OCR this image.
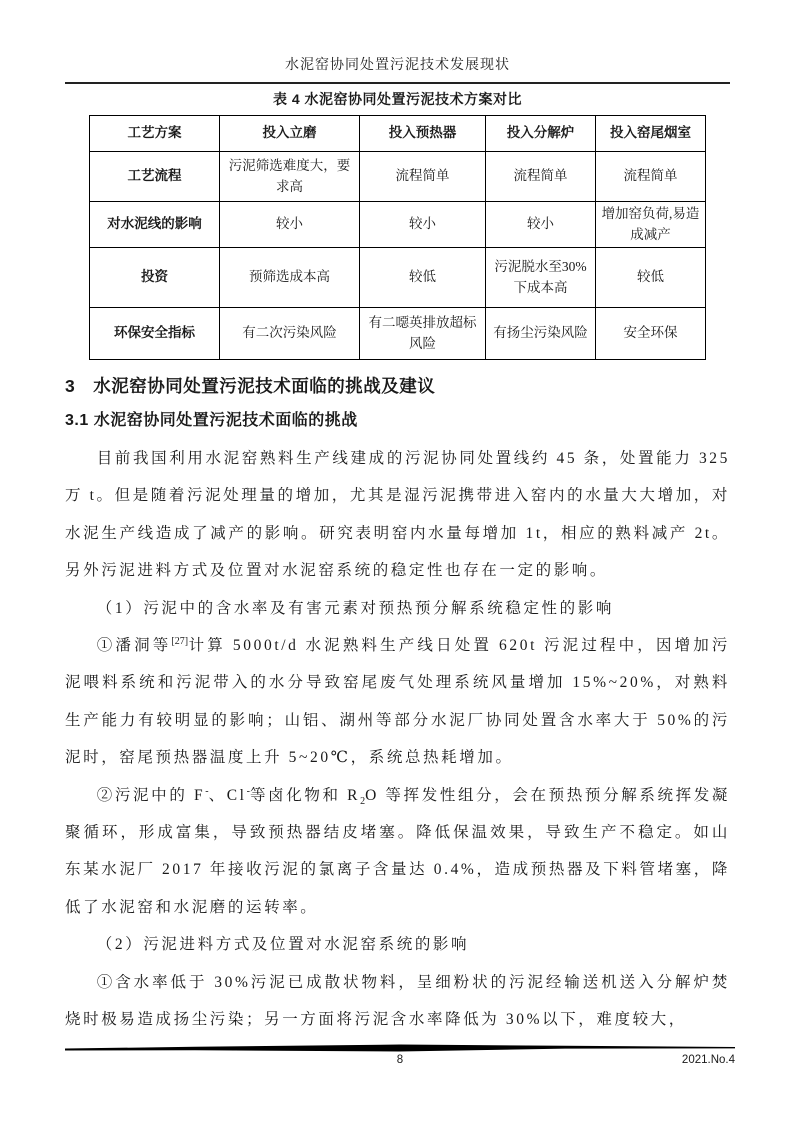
水泥窑协同处置污泥技术发展现状
表 4 水泥窑协同处置污泥技术方案对比
工艺方案	投入立磨	投入预热器	投入分解炉	投入窑尾烟室
工艺流程	污泥筛选难度大，要求高	流程简单	流程简单	流程简单
对水泥线的影响	较小	较小	较小	增加窑负荷,易造成减产
投资	预筛选成本高	较低	污泥脱水至30%下成本高	较低
环保安全指标	有二次污染风险	有二噁英排放超标风险	有扬尘污染风险	安全环保
3　水泥窑协同处置污泥技术面临的挑战及建议
3.1 水泥窑协同处置污泥技术面临的挑战

目前我国利用水泥窑熟料生产线建成的污泥协同处置线约 45 条，处置能力 325 万 t。但是随着污泥处理量的增加，尤其是湿污泥携带进入窑内的水量大大增加，对水泥生产线造成了减产的影响。研究表明窑内水量每增加 1t，相应的熟料减产 2t。另外污泥进料方式及位置对水泥窑系统的稳定性也存在一定的影响。

（1）污泥中的含水率及有害元素对预热预分解系统稳定性的影响

①潘洞等[27]计算 5000t/d 水泥熟料生产线日处置 620t 污泥过程中，因增加污泥喂料系统和污泥带入的水分导致窑尾废气处理系统风量增加 15%~20%，对熟料生产能力有较明显的影响；山铝、湖州等部分水泥厂协同处置含水率大于 50%的污泥时，窑尾预热器温度上升 5~20℃，系统总热耗增加。

②污泥中的 F-、Cl-等卤化物和 $R_2O$ 等挥发性组分，会在预热预分解系统挥发凝聚循环，形成富集，导致预热器结皮堵塞。降低保温效果，导致生产不稳定。如山东某水泥厂 2017 年接收污泥的氯离子含量达 0.4%，造成预热器及下料管堵塞，降低了水泥窑和水泥磨的运转率。

（2）污泥进料方式及位置对水泥窑系统的影响

①含水率低于 30%污泥已成散状物料，呈细粉状的污泥经输送机送入分解炉焚烧时极易造成扬尘污染；另一方面将污泥含水率降低为 30%以下，难度较大，

8	2021.No.4
